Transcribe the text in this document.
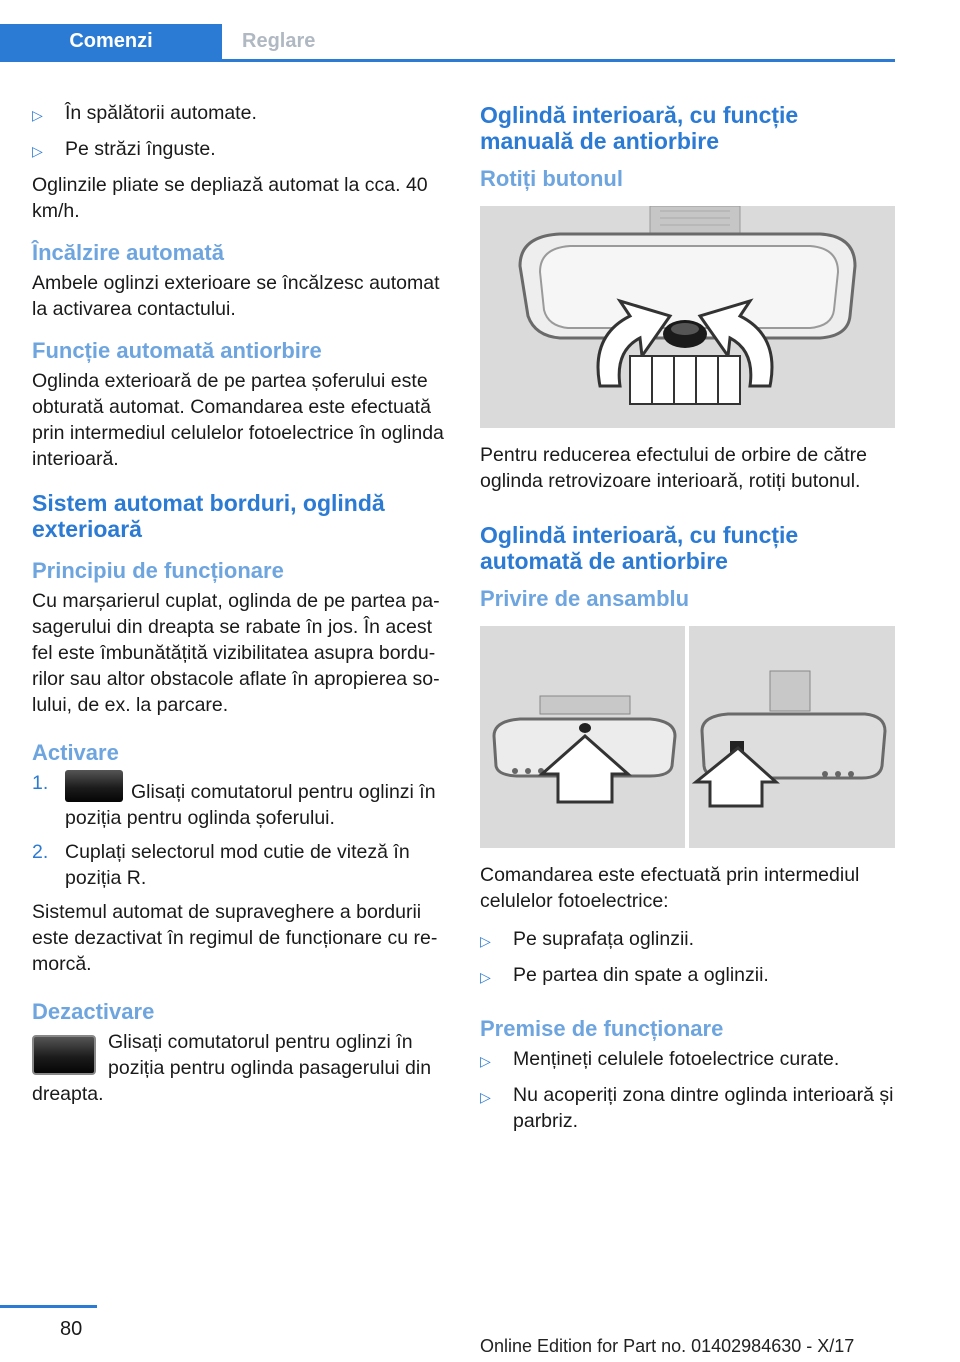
Comenzi	Reglare
▷	În spălătorii automate.
▷	Pe străzi înguste.

Oglinzile pliate se depliază automat la cca. 40 km/h.

Încălzire automată

Ambele oglinzi exterioare se încălzesc automat la activarea contactului.

Funcție automată antiorbire

Oglinda exterioară de pe partea șoferului este obturată automat. Comandarea este efectuată prin intermediul celulelor fotoelectrice în oglinda interioară.

Sistem automat borduri, oglindă exterioară
Principiu de funcționare

Cu marșarierul cuplat, oglinda de pe partea pa-sagerului din dreapta se rabate în jos. În acest fel este îmbunătățită vizibilitatea asupra bordu-rilor sau altor obstacole aflate în apropierea so-lului, de ex. la parcare.

Activare
1.	Glisați comutatorul pentru oglinzi în poziția pentru oglinda șoferului.
2. Cuplați selectorul mod cutie de viteză în poziția R.

Sistemul automat de supraveghere a bordurii este dezactivat în regimul de funcționare cu re-morcă.

Dezactivare
Glisați comutatorul pentru oglinzi în poziția pentru oglinda pasagerului din dreapta.
Oglindă interioară, cu funcție manuală de antiorbire
Rotiți butonul

Pentru reducerea efectului de orbire de către oglinda retrovizoare interioară, rotiți butonul.

Oglindă interioară, cu funcție automată de antiorbire
Privire de ansamblu

Comandarea este efectuată prin intermediul celulelor fotoelectrice:

▷	Pe suprafața oglinzii.
▷	Pe partea din spate a oglinzii.
Premise de funcționare
▷	Mențineți celulele fotoelectrice curate.
▷	Nu acoperiți zona dintre oglinda interioară și parbriz.
80
Online Edition for Part no. 01402984630 - X/17
